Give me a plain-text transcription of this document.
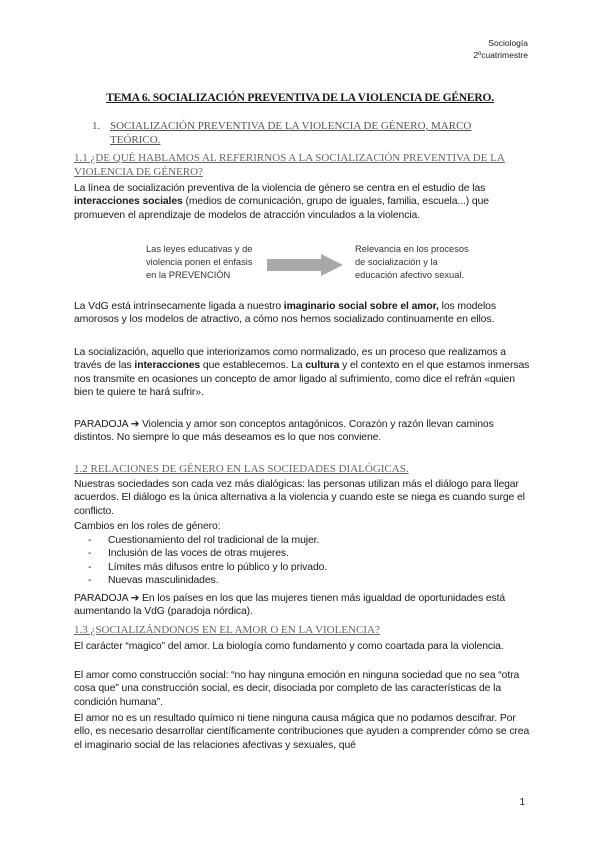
Sociología
2ºcuatrimestre
TEMA 6. SOCIALIZACIÓN PREVENTIVA DE LA VIOLENCIA DE GÉNERO.
1. SOCIALIZACIÓN PREVENTIVA DE LA VIOLENCIA DE GÉNERO, MARCO TEÓRICO.
1.1 ¿DE QUÉ HABLAMOS AL REFERIRNOS A LA SOCIALIZACIÓN PREVENTIVA DE LA VIOLENCIA DE GÉNERO?
La línea de socialización preventiva de la violencia de género se centra en el estudio de las interacciones sociales (medios de comunicación, grupo de iguales, familia, escuela...) que promueven el aprendizaje de modelos de atracción vinculados a la violencia.
Las leyes educativas y de
violencia ponen el énfasis
en la PREVENCIÓN
Relevancia en los procesos
de socialización y la
educación afectivo sexual.
La VdG está intrínsecamente ligada a nuestro imaginario social sobre el amor, los modelos amorosos y los modelos de atractivo, a cómo nos hemos socializado continuamente en ellos.
La socialización, aquello que interiorizamos como normalizado, es un proceso que realizamos a través de las interacciones que establecemos. La cultura y el contexto en el que estamos inmersas nos transmite en ocasiones un concepto de amor ligado al sufrimiento, como dice el refrán «quien bien te quiere te hará sufrir».
PARADOJA ➔ Violencia y amor son conceptos antagónicos. Corazón y razón llevan caminos distintos. No siempre lo que más deseamos es lo que nos conviene.
1.2 RELACIONES DE GÉNERO EN LAS SOCIEDADES DIALÓGICAS.
Nuestras sociedades son cada vez más dialógicas: las personas utilizan más el diálogo para llegar acuerdos. El diálogo es la única alternativa a la violencia y cuando este se niega es cuando surge el conflicto.
Cambios en los roles de género:
- Cuestionamiento del rol tradicional de la mujer.
- Inclusión de las voces de otras mujeres.
- Límites más difusos entre lo público y lo privado.
- Nuevas masculinidades.
PARADOJA ➔ En los países en los que las mujeres tienen más igualdad de oportunidades está aumentando la VdG (paradoja nórdica).
1.3 ¿SOCIALIZÁNDONOS EN EL AMOR O EN LA VIOLENCIA?
El carácter “magico” del amor. La biología como fundamento y como coartada para la violencia.
El amor como construcción social: “no hay ninguna emoción en ninguna sociedad que no sea “otra cosa que” una construcción social, es decir, disociada por completo de las características de la condición humana”.
El amor no es un resultado químico ni tiene ninguna causa mágica que no podamos descifrar. Por ello, es necesario desarrollar científicamente contribuciones que ayuden a comprender cómo se crea el imaginario social de las relaciones afectivas y sexuales, qué
1
